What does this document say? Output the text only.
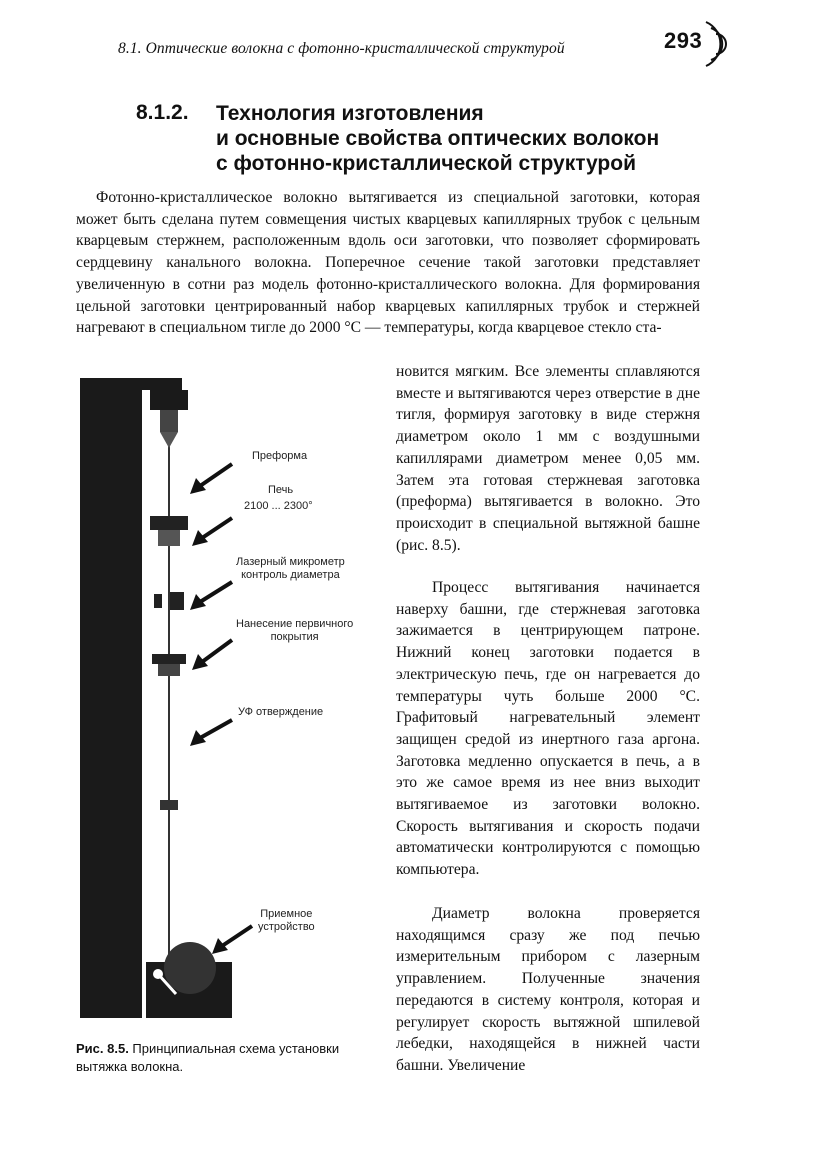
8.1. Оптические волокна с фотонно-кристаллической структурой	293
8.1.2. Технология изготовления
и основные свойства оптических волокон
с фотонно-кристаллической структурой

Фотонно-кристаллическое волокно вытягивается из специальной заготовки, которая может быть сделана путем совмещения чистых кварцевых капиллярных трубок с цельным кварцевым стержнем, расположенным вдоль оси заготовки, что позволяет сформировать сердцевину канального волокна. Поперечное сечение такой заготовки представляет увеличенную в сотни раз модель фотонно-кристаллического волокна. Для формирования цельной заготовки центрированный набор кварцевых капиллярных трубок и стержней нагревают в специальном тигле до 2000 °С — температуры, когда кварцевое стекло ста-

новится мягким. Все элементы сплавляются вместе и вытягиваются через отверстие в дне тигля, формируя заготовку в виде стержня диаметром около 1 мм с воздушными капиллярами диаметром менее 0,05 мм. Затем эта готовая стержневая заготовка (преформа) вытягивается в волокно. Это происходит в специальной вытяжной башне (рис. 8.5).

Процесс вытягивания начинается наверху башни, где стержневая заготовка зажимается в центрирующем патроне. Нижний конец заготовки подается в электрическую печь, где он нагревается до температуры чуть больше 2000 °С. Графитовый нагревательный элемент защищен средой из инертного газа аргона. Заготовка медленно опускается в печь, а в это же самое время из нее вниз выходит вытягиваемое из заготовки волокно. Скорость вытягивания и скорость подачи автоматически контролируются с помощью компьютера.

Диаметр волокна проверяется находящимся сразу же под печью измерительным прибором с лазерным управлением. Полученные значения передаются в систему контроля, которая и регулирует скорость вытяжной шпилевой лебедки, находящейся в нижней части башни. Увеличение

Преформа
Печь
2100 ... 2300°
Лазерный микрометр
контроль диаметра
Нанесение первичного
покрытия
УФ отверждение
Приемное
устройство
Рис. 8.5. Принципиальная схема установки вытяжка волокна.
